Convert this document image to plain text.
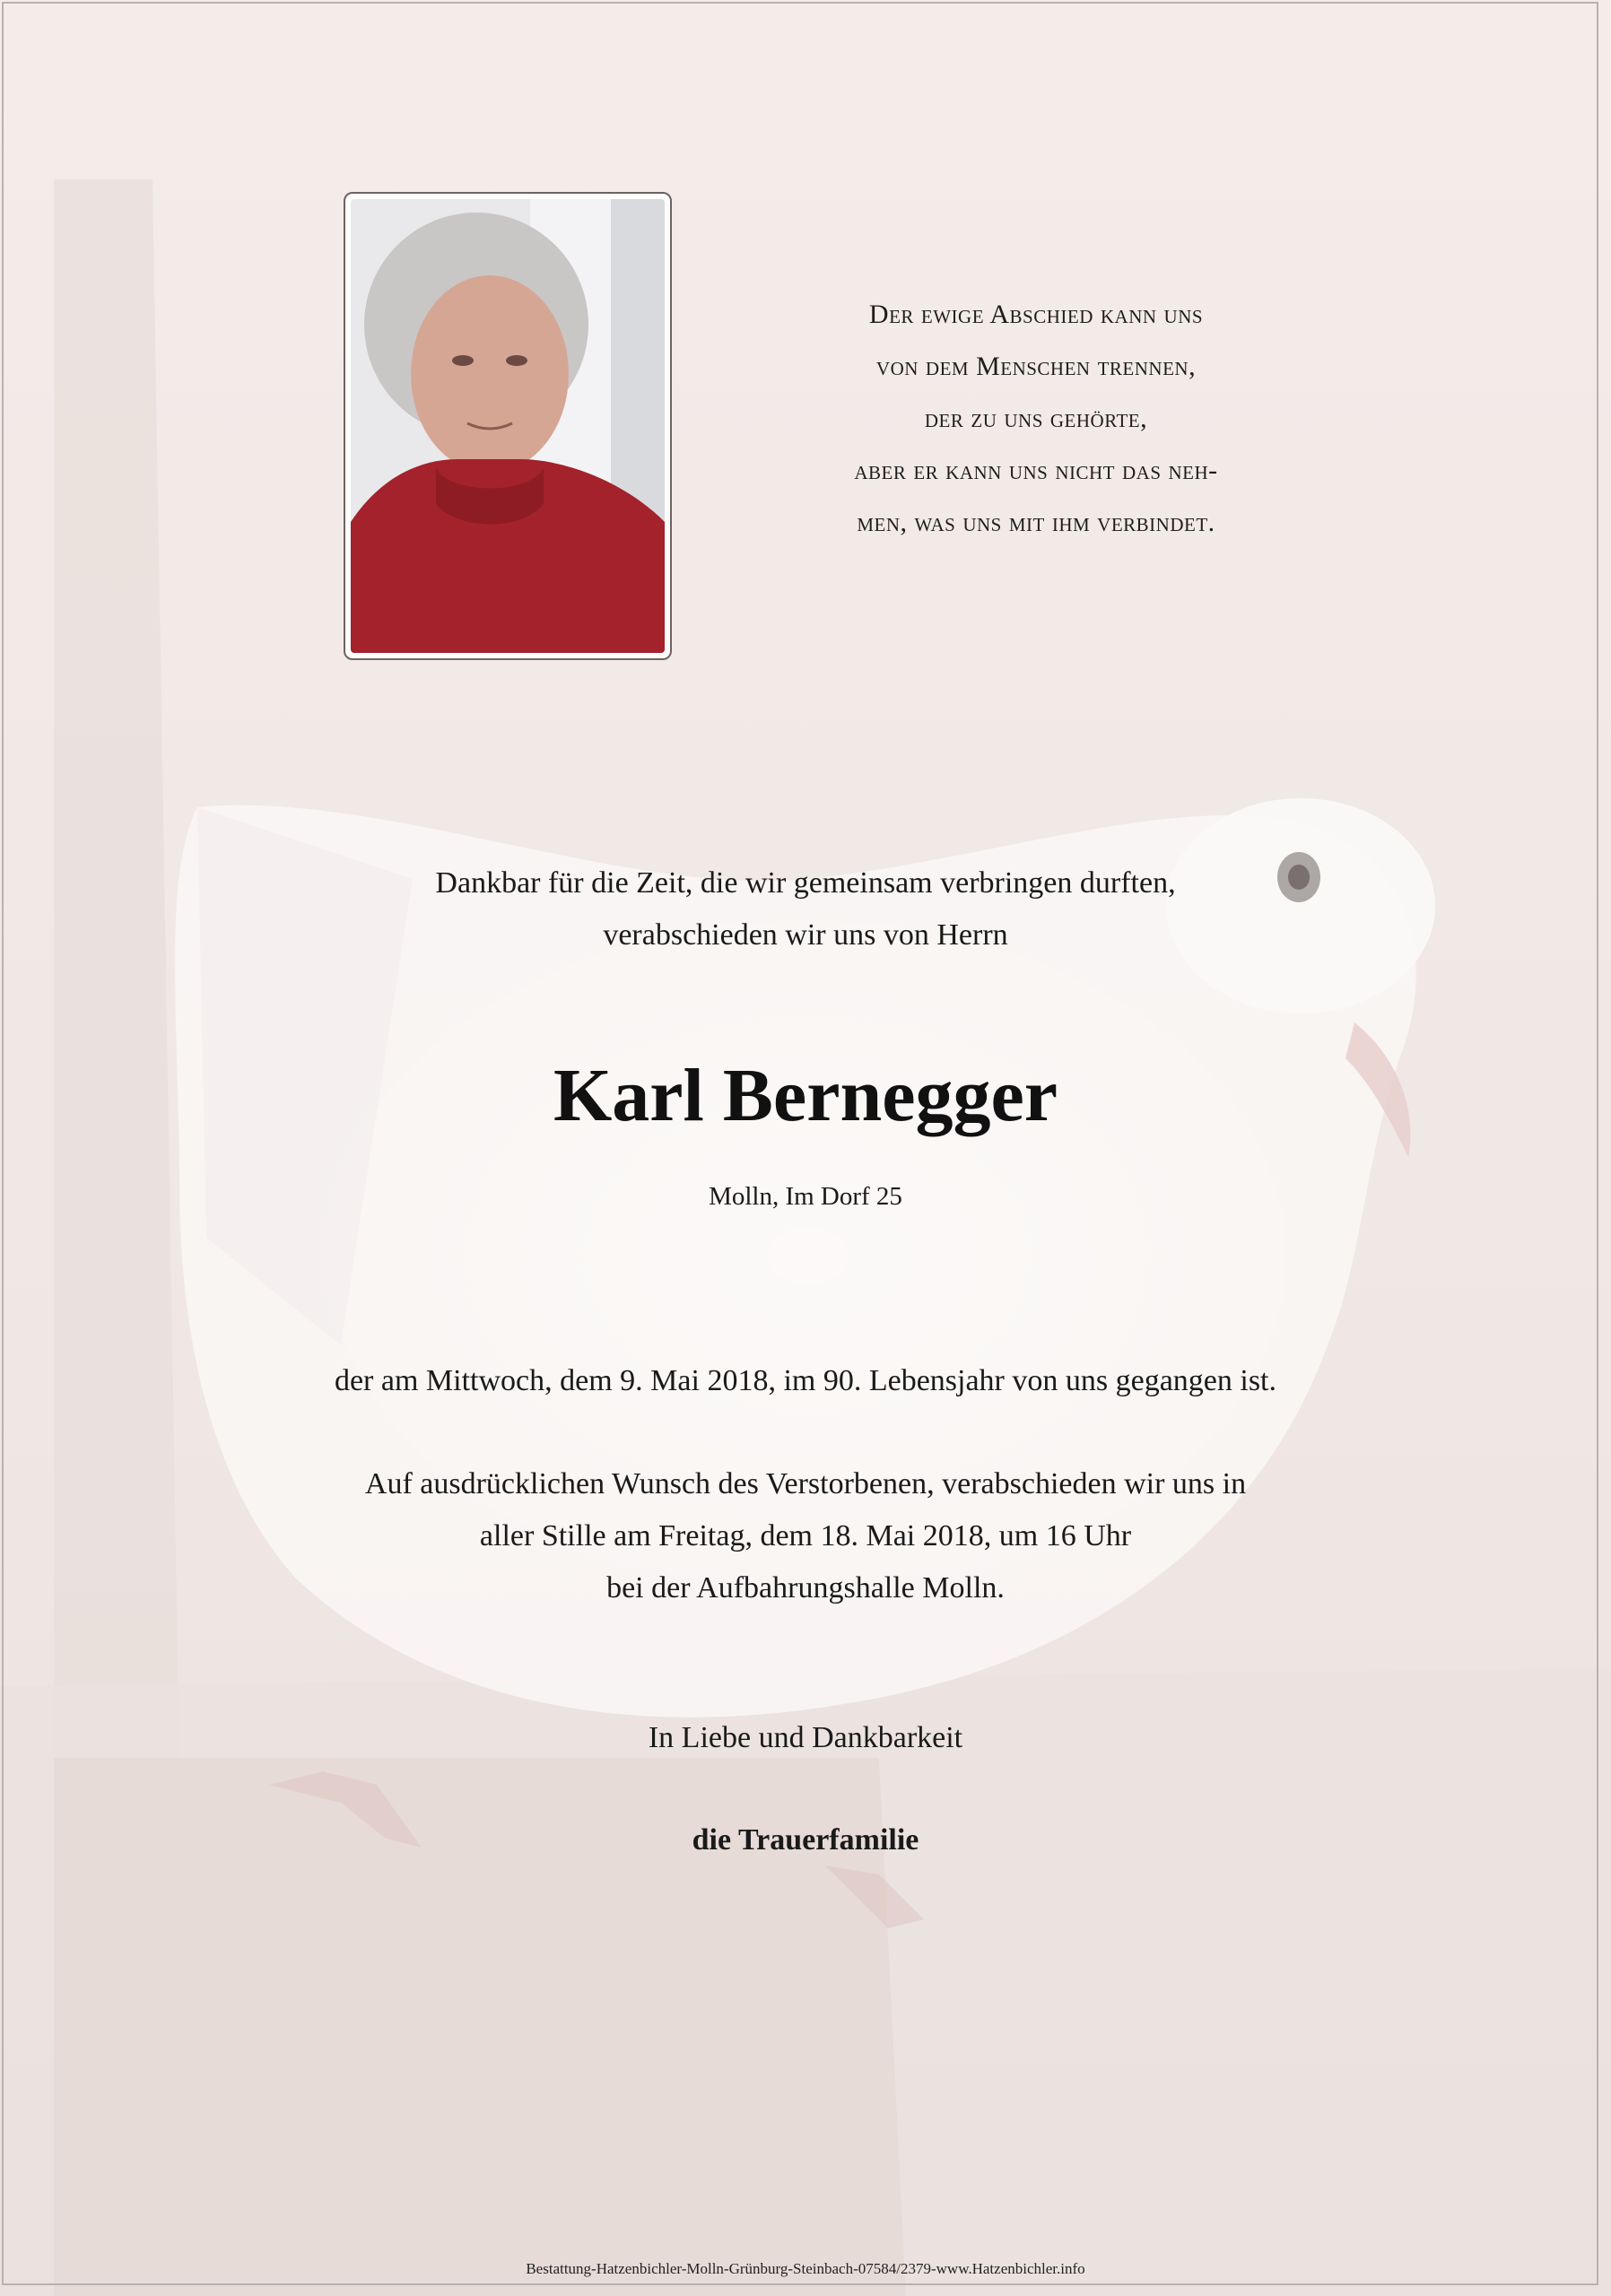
Der ewige Abschied kann uns
von dem Menschen trennen,
der zu uns gehörte,
aber er kann uns nicht das neh-
men, was uns mit ihm verbindet.
Dankbar für die Zeit, die wir gemeinsam verbringen durften,
verabschieden wir uns von Herrn
Karl Bernegger
Molln, Im Dorf 25
der am Mittwoch, dem 9. Mai 2018, im 90. Lebensjahr von uns gegangen ist.
Auf ausdrücklichen Wunsch des Verstorbenen, verabschieden wir uns in
aller Stille am Freitag, dem 18. Mai 2018, um 16 Uhr
bei der Aufbahrungshalle Molln.
In Liebe und Dankbarkeit
die Trauerfamilie
Bestattung-Hatzenbichler-Molln-Grünburg-Steinbach-07584/2379-www.Hatzenbichler.info
